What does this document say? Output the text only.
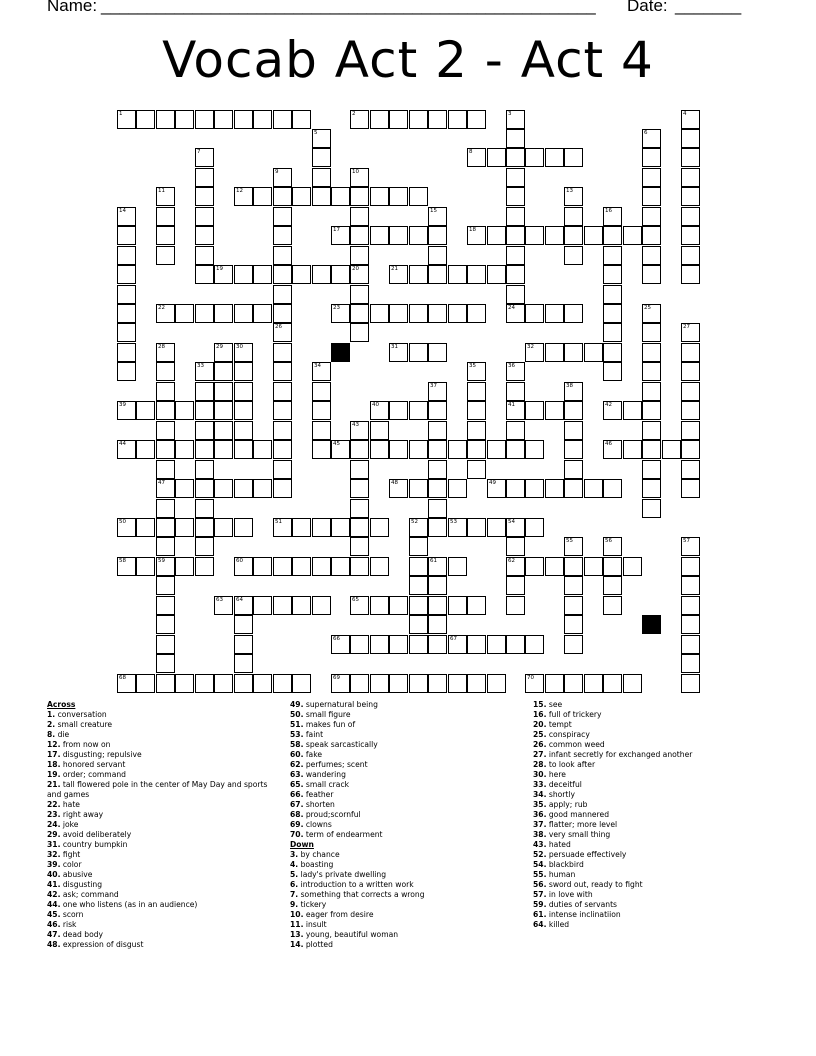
Name: ______________________________________________________ Date: _______
Vocab Act 2 - Act 4
1	2
8
12
17	18
19	20	21
22	23	24
31	32
39	40	41	42
43
44	45	46
47	48	49
50	51	53	54
58	59	60	61	62
63 64	65
66	67
68	69	70
3	4
5	6
7
9
26
10
11	13
14	15	16
25
27
28	29 30
33	34	35	36
37	38
52
55	56	57
Across
1. conversation
2. small creature
8. die
12. from now on
17. disgusting; repulsive
18. honored servant
19. order; command
21. tall flowered pole in the center of May Day and sports and games
22. hate
23. right away
24. joke
29. avoid deliberately
31. country bumpkin
32. fight
39. color
40. abusive
41. disgusting
42. ask; command
44. one who listens (as in an audience)
45. scorn
46. risk
47. dead body
48. expression of disgust
49. supernatural being
50. small figure
51. makes fun of
53. faint
58. speak sarcastically
60. fake
62. perfumes; scent
63. wandering
65. small crack
66. feather
67. shorten
68. proud;scornful
69. clowns
70. term of endearment
Down
3. by chance
4. boasting
5. lady's private dwelling
6. introduction to a written work
7. something that corrects a wrong
9. tickery
10. eager from desire
11. insult
13. young, beautiful woman
14. plotted
15. see
16. full of trickery
20. tempt
25. conspiracy
26. common weed
27. infant secretly for exchanged another
28. to look after
30. here
33. deceitful
34. shortly
35. apply; rub
36. good mannered
37. flatter; more level
38. very small thing
43. hated
52. persuade effectively
54. blackbird
55. human
56. sword out, ready to fight
57. in love with
59. duties of servants
61. intense inclinatiion
64. killed
